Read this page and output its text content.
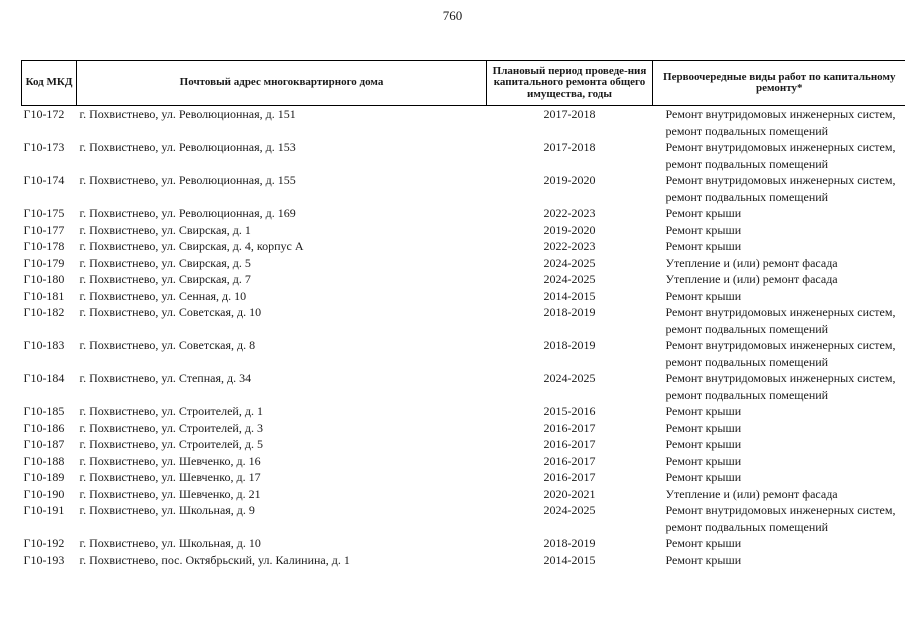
760
Код МКД	Почтовый адрес многоквартирного дома	Плановый период проведе-ния капитального ремонта общего имущества, годы	Первоочередные виды работ по капитальному ремонту*
Г10-172	г. Похвистнево, ул. Революционная, д. 151	2017-2018	Ремонт внутридомовых инженерных систем,
ремонт подвальных помещений

Г10-173	г. Похвистнево, ул. Революционная, д. 153	2017-2018	Ремонт внутридомовых инженерных систем,
ремонт подвальных помещений

Г10-174	г. Похвистнево, ул. Революционная, д. 155	2019-2020	Ремонт внутридомовых инженерных систем,
ремонт подвальных помещений

Г10-175	г. Похвистнево, ул. Революционная, д. 169	2022-2023	Ремонт крыши

Г10-177	г. Похвистнево, ул. Свирская, д. 1	2019-2020	Ремонт крыши

Г10-178	г. Похвистнево, ул. Свирская, д. 4, корпус А	2022-2023	Ремонт крыши

Г10-179	г. Похвистнево, ул. Свирская, д. 5	2024-2025	Утепление и (или) ремонт фасада

Г10-180	г. Похвистнево, ул. Свирская, д. 7	2024-2025	Утепление и (или) ремонт фасада

Г10-181	г. Похвистнево, ул. Сенная, д. 10	2014-2015	Ремонт крыши

Г10-182	г. Похвистнево, ул. Советская, д. 10	2018-2019	Ремонт внутридомовых инженерных систем,
ремонт подвальных помещений

Г10-183	г. Похвистнево, ул. Советская, д. 8	2018-2019	Ремонт внутридомовых инженерных систем,
ремонт подвальных помещений

Г10-184	г. Похвистнево, ул. Степная, д. 34	2024-2025	Ремонт внутридомовых инженерных систем,
ремонт подвальных помещений

Г10-185	г. Похвистнево, ул. Строителей, д. 1	2015-2016	Ремонт крыши

Г10-186	г. Похвистнево, ул. Строителей, д. 3	2016-2017	Ремонт крыши

Г10-187	г. Похвистнево, ул. Строителей, д. 5	2016-2017	Ремонт крыши

Г10-188	г. Похвистнево, ул. Шевченко, д. 16	2016-2017	Ремонт крыши

Г10-189	г. Похвистнево, ул. Шевченко, д. 17	2016-2017	Ремонт крыши

Г10-190	г. Похвистнево, ул. Шевченко, д. 21	2020-2021	Утепление и (или) ремонт фасада

Г10-191	г. Похвистнево, ул. Школьная, д. 9	2024-2025	Ремонт внутридомовых инженерных систем,
ремонт подвальных помещений

Г10-192	г. Похвистнево, ул. Школьная, д. 10	2018-2019	Ремонт крыши

Г10-193	г. Похвистнево, пос. Октябрьский, ул. Калинина, д. 1	2014-2015	Ремонт крыши
